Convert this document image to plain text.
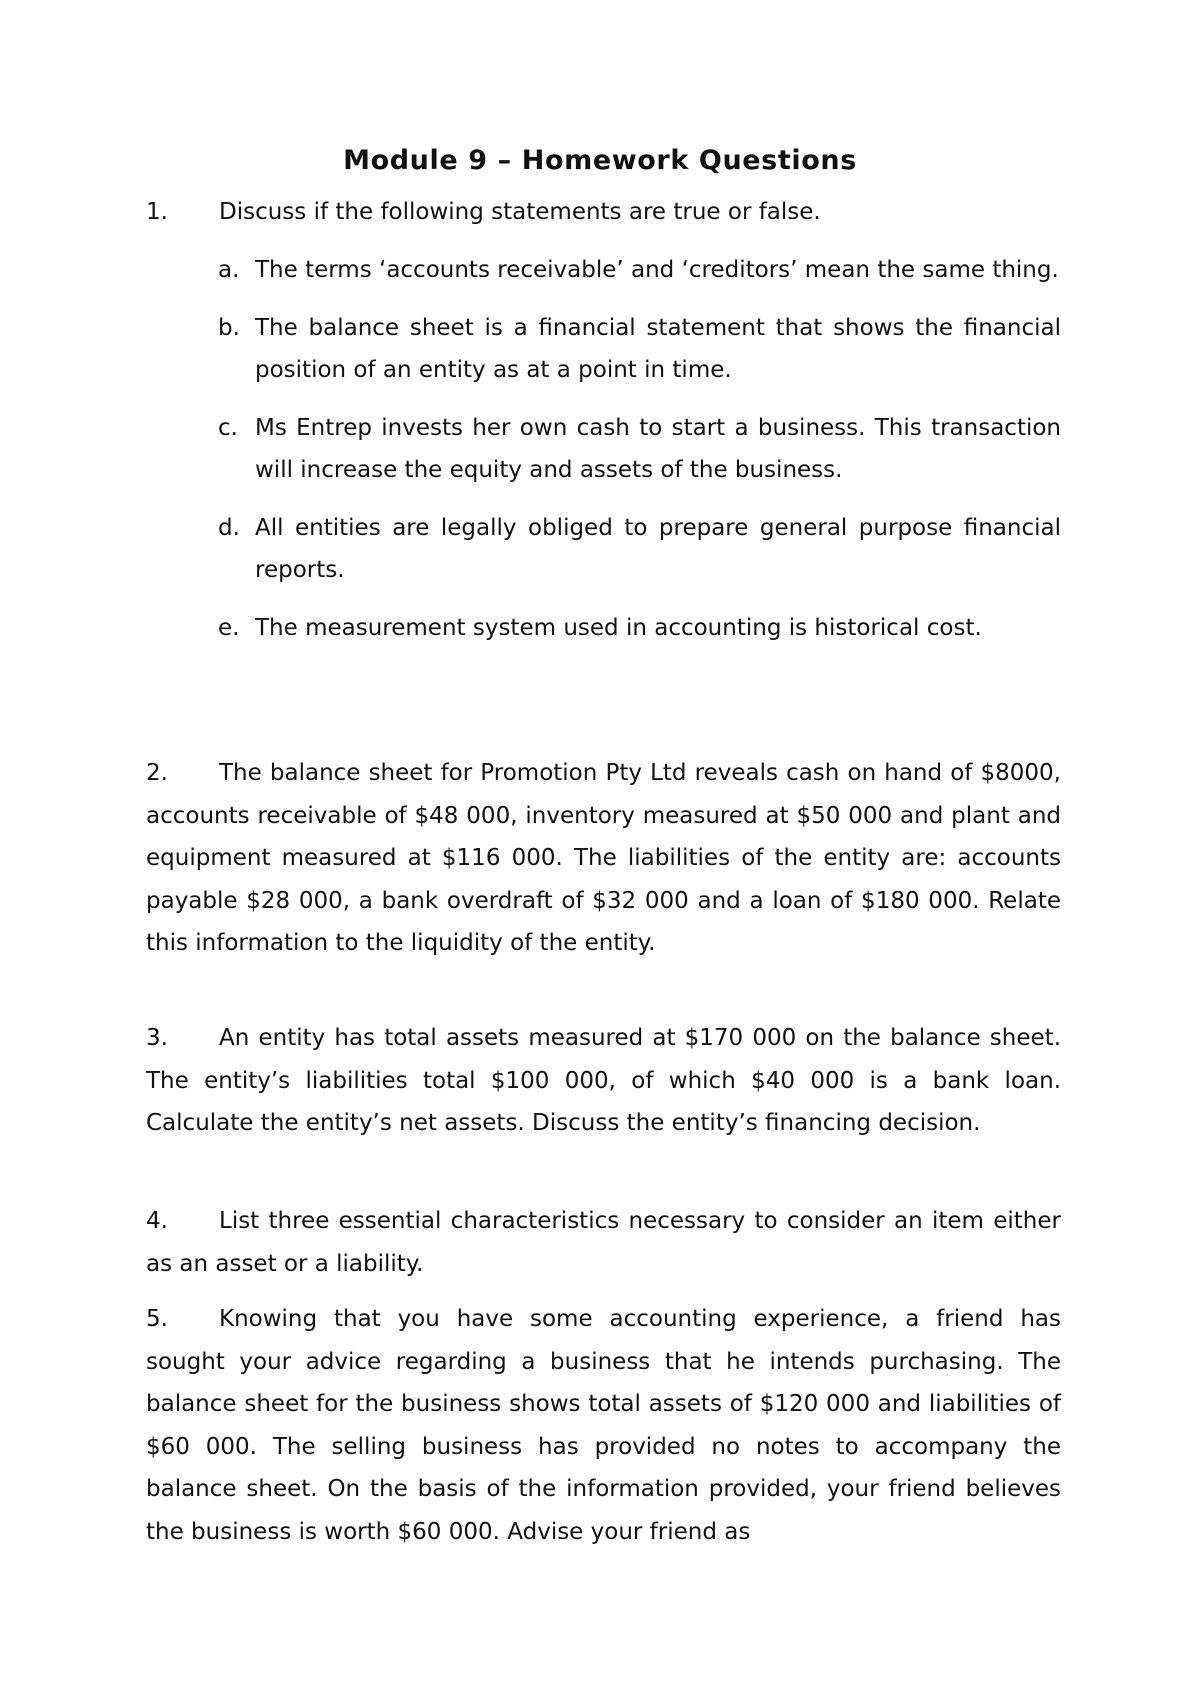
Module 9 – Homework Questions
1. Discuss if the following statements are true or false.
a. The terms ‘accounts receivable’ and ‘creditors’ mean the same thing.
b. The balance sheet is a financial statement that shows the financial position of an entity as at a point in time.
c. Ms Entrep invests her own cash to start a business. This transaction will increase the equity and assets of the business.
d. All entities are legally obliged to prepare general purpose financial reports.
e. The measurement system used in accounting is historical cost.
2. The balance sheet for Promotion Pty Ltd reveals cash on hand of $8000, accounts receivable of $48 000, inventory measured at $50 000 and plant and equipment measured at $116 000. The liabilities of the entity are: accounts payable $28 000, a bank overdraft of $32 000 and a loan of $180 000. Relate this information to the liquidity of the entity.
3. An entity has total assets measured at $170 000 on the balance sheet. The entity’s liabilities total $100 000, of which $40 000 is a bank loan. Calculate the entity’s net assets. Discuss the entity’s financing decision.
4. List three essential characteristics necessary to consider an item either as an asset or a liability.
5. Knowing that you have some accounting experience, a friend has sought your advice regarding a business that he intends purchasing. The balance sheet for the business shows total assets of $120 000 and liabilities of $60 000. The selling business has provided no notes to accompany the balance sheet. On the basis of the information provided, your friend believes the business is worth $60 000. Advise your friend as
